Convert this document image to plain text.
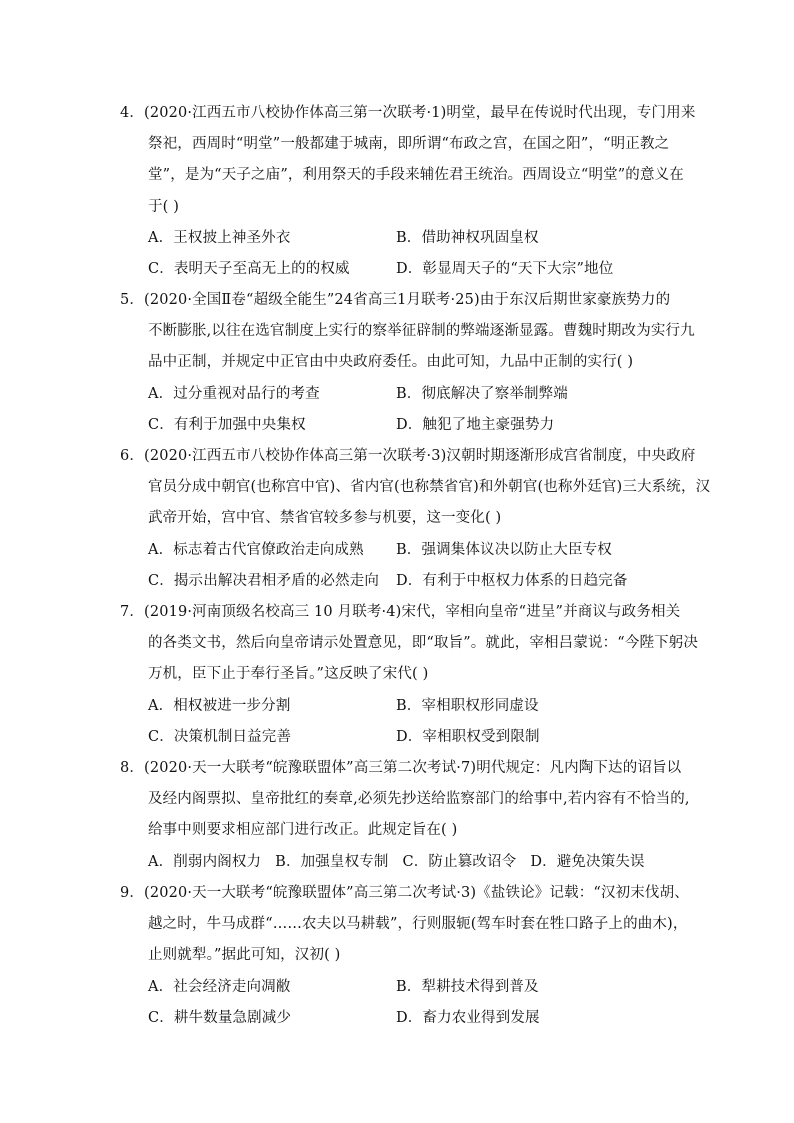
4．(2020·江西五市八校协作体高三第一次联考·1)明堂，最早在传说时代出现，专门用来
祭祀，西周时“明堂”一般都建于城南，即所谓“布政之宫，在国之阳”，“明正教之
堂”，是为“天子之庙”，利用祭天的手段来辅佐君王统治。西周设立“明堂”的意义在
于( )
A．王权披上神圣外衣	B．借助神权巩固皇权
C．表明天子至高无上的的权威	D．彰显周天子的“天下大宗”地位
5．(2020·全国Ⅱ卷“超级全能生”24省高三1月联考·25)由于东汉后期世家豪族势力的
不断膨胀,以往在选官制度上实行的察举征辟制的弊端逐渐显露。曹魏时期改为实行九
品中正制，并规定中正官由中央政府委任。由此可知，九品中正制的实行( )
A．过分重视对品行的考查	B．彻底解决了察举制弊端
C．有利于加强中央集权	D．触犯了地主豪强势力
6．(2020·江西五市八校协作体高三第一次联考·3)汉朝时期逐渐形成宫省制度，中央政府
官员分成中朝官(也称宫中官)、省内官(也称禁省官)和外朝官(也称外廷官)三大系统，汉
武帝开始，宫中官、禁省官较多参与机要，这一变化( )
A．标志着古代官僚政治走向成熟	B．强调集体议决以防止大臣专权
C．揭示出解决君相矛盾的必然走向	D．有利于中枢权力体系的日趋完备
7．(2019·河南顶级名校高三 10 月联考·4)宋代，宰相向皇帝“进呈”并商议与政务相关
的各类文书，然后向皇帝请示处置意见，即“取旨”。就此，宰相吕蒙说：“今陛下躬决
万机，臣下止于奉行圣旨。”这反映了宋代( )
A．相权被进一步分割	B．宰相职权形同虚设
C．决策机制日益完善	D．宰相职权受到限制
8．(2020·天一大联考“皖豫联盟体”高三第二次考试·7)明代规定：凡内陶下达的诏旨以
及经内阁票拟、皇帝批红的奏章,必须先抄送给监察部门的给事中,若内容有不恰当的,
给事中则要求相应部门进行改正。此规定旨在( )
A．削弱内阁权力 B．加强皇权专制 C．防止篡改诏令 D．避免决策失误
9．(2020·天一大联考“皖豫联盟体”高三第二次考试·3)《盐铁论》记载：“汉初末伐胡、
越之时，牛马成群“……农夫以马耕载”，行则服轭(驾车时套在牲口路子上的曲木)，
止则就犁。”据此可知，汉初( )
A．社会经济走向凋敝	B．犁耕技术得到普及
C．耕牛数量急剧减少	D．畜力农业得到发展
